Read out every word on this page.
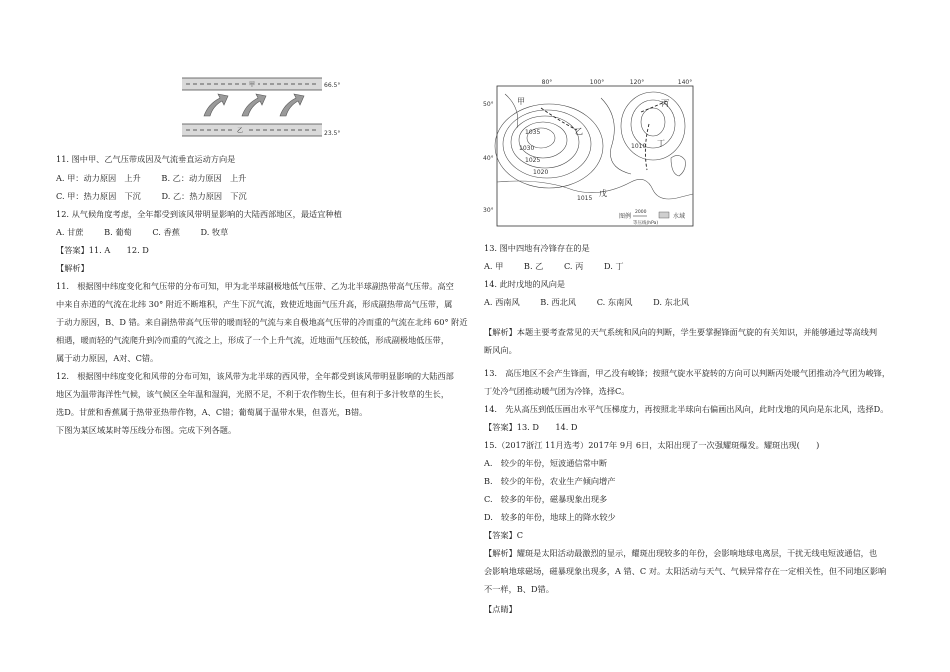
甲	66.5°
乙	23.5°
11. 图中甲、乙气压带成因及气流垂直运动方向是
A. 甲：动力原因　上升	B. 乙：动力原因　上升
C. 甲：热力原因　下沉	D. 乙：热力原因　下沉
12. 从气候角度考虑，全年都受到该风带明显影响的大陆西部地区，最适宜种植
A. 甘蔗	B. 葡萄	C. 香蕉	D. 牧草
【答案】11. A　　12. D
【解析】
11.　根据图中纬度变化和气压带的分布可知，甲为北半球副极地低气压带、乙为北半球副热带高气压带。高空
中来自赤道的气流在北纬 30° 附近不断堆积，产生下沉气流，致使近地面气压升高，形成副热带高气压带，属
于动力原因，B、D 错。来自副热带高气压带的暖而轻的气流与来自极地高气压带的冷而重的气流在北纬 60° 附近
相遇，暖而轻的气流爬升到冷而重的气流之上，形成了一个上升气流，近地面气压较低，形成副极地低压带，
属于动力原因，A对、C错。
12.　根据图中纬度变化和风带的分布可知，该风带为北半球的西风带，全年都受到该风带明显影响的大陆西部
地区为温带海洋性气候，该气候区全年温和湿润，光照不足，不利于农作物生长，但有利于多汁牧草的生长，
选D。甘蔗和香蕉属于热带亚热带作物，A、C错；葡萄属于温带水果，但喜光，B错。
下图为某区域某时等压线分布图。完成下列各题。
80°	100°	120°	140°
50°
40°
30°
1035
1030
1025
1020
1015
1010
甲
乙
丙
丁
戊
图例
2000
等压线(hPa)
水域
13. 图中四地有冷锋存在的是
A. 甲	B. 乙	C. 丙	D. 丁
14. 此时戊地的风向是
A. 西南风	B. 西北风	C. 东南风	D. 东北风
【解析】本题主要考查常见的天气系统和风向的判断，学生要掌握锋面气旋的有关知识，并能够通过等高线判
断风向。
13.　高压地区不会产生锋面，甲乙没有峻锋；按照气旋水平旋转的方向可以判断丙处暖气团推动冷气团为峻锋，
丁处冷气团推动暖气团为冷锋，选择C。
14.　先从高压到低压画出水平气压梯度力，再按照北半球向右偏画出风向，此时戊地的风向是东北风，选择D。
【答案】13. D　　14. D
15.（2017浙江 11月选考）2017年 9月 6日，太阳出现了一次强耀斑爆发。耀斑出现(　　)
A.　较少的年份，短波通信常中断
B.　较少的年份，农业生产倾向增产
C.　较多的年份，磁暴现象出现多
D.　较多的年份，地球上的降水较少
【答案】C
【解析】耀斑是太阳活动最激烈的显示，耀斑出现较多的年份，会影响地球电离层，干扰无线电短波通信，也
会影响地球磁场，磁暴现象出现多，A 错、C 对。太阳活动与天气、气候异常存在一定相关性，但不同地区影响
不一样，B、D错。
【点睛】
